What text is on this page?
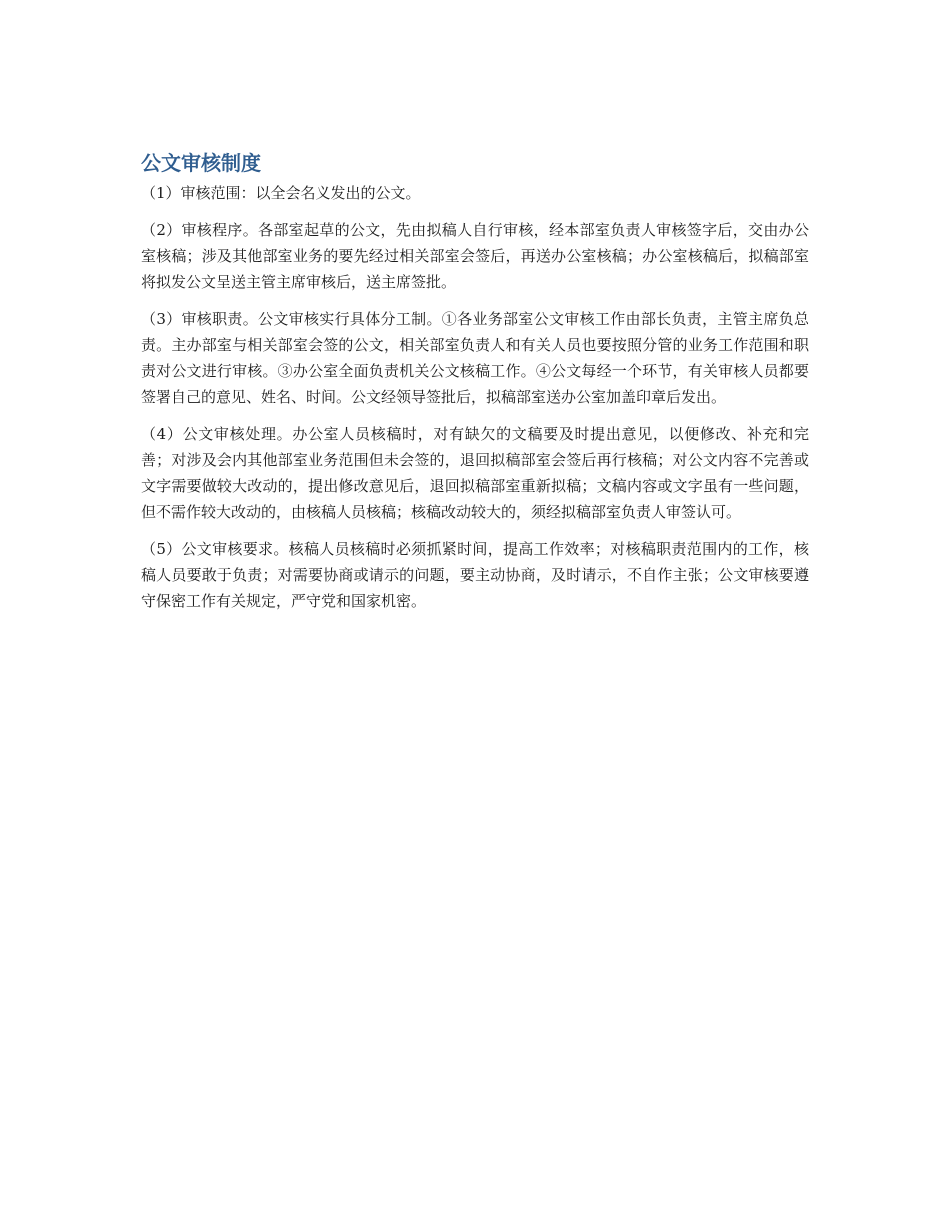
公文审核制度

（1）审核范围：以全会名义发出的公文。

（2）审核程序。各部室起草的公文，先由拟稿人自行审核，经本部室负责人审核签字后，交由办公室核稿；涉及其他部室业务的要先经过相关部室会签后，再送办公室核稿；办公室核稿后，拟稿部室将拟发公文呈送主管主席审核后，送主席签批。

（3）审核职责。公文审核实行具体分工制。①各业务部室公文审核工作由部长负责，主管主席负总责。主办部室与相关部室会签的公文，相关部室负责人和有关人员也要按照分管的业务工作范围和职责对公文进行审核。③办公室全面负责机关公文核稿工作。④公文每经一个环节，有关审核人员都要签署自己的意见、姓名、时间。公文经领导签批后，拟稿部室送办公室加盖印章后发出。

（4）公文审核处理。办公室人员核稿时，对有缺欠的文稿要及时提出意见，以便修改、补充和完善；对涉及会内其他部室业务范围但未会签的，退回拟稿部室会签后再行核稿；对公文内容不完善或文字需要做较大改动的，提出修改意见后，退回拟稿部室重新拟稿；文稿内容或文字虽有一些问题，但不需作较大改动的，由核稿人员核稿；核稿改动较大的，须经拟稿部室负责人审签认可。

（5）公文审核要求。核稿人员核稿时必须抓紧时间，提高工作效率；对核稿职责范围内的工作，核稿人员要敢于负责；对需要协商或请示的问题，要主动协商，及时请示，不自作主张；公文审核要遵守保密工作有关规定，严守党和国家机密。
